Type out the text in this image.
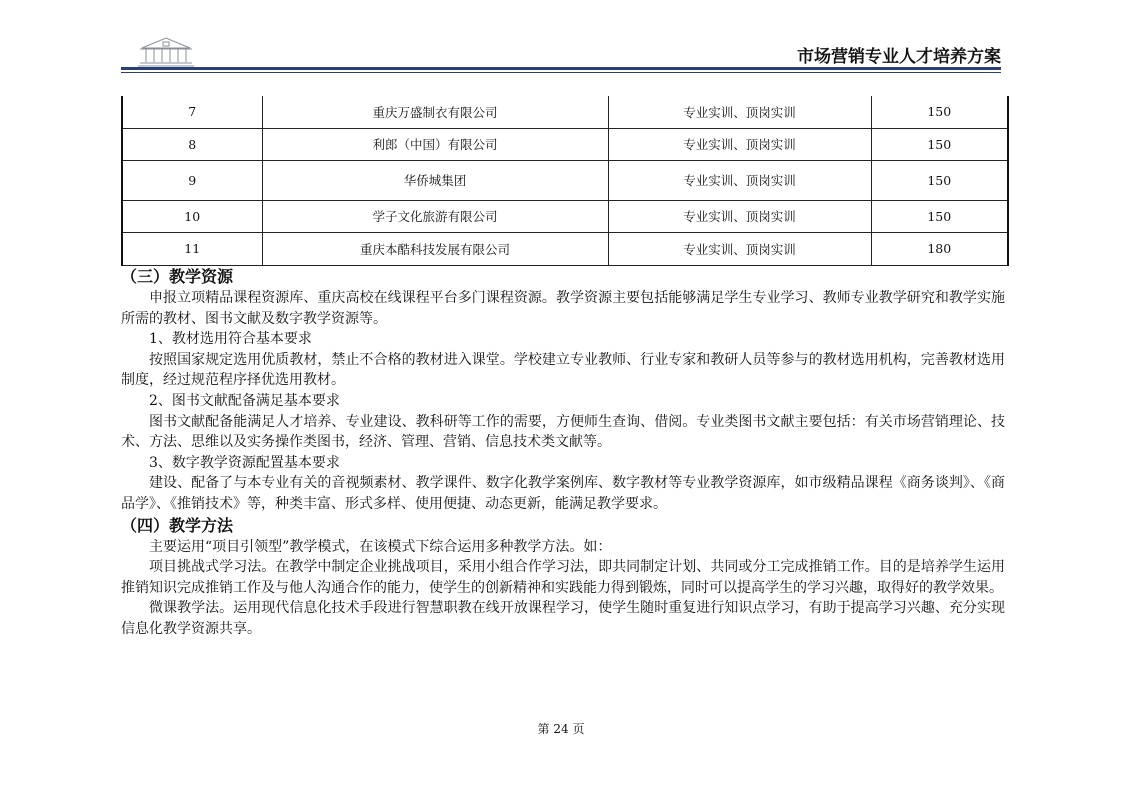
市场营销专业人才培养方案
7	重庆万盛制衣有限公司	专业实训、顶岗实训	150
8	利郎（中国）有限公司	专业实训、顶岗实训	150
9	华侨城集团	专业实训、顶岗实训	150
10	学子文化旅游有限公司	专业实训、顶岗实训	150
11	重庆本酷科技发展有限公司	专业实训、顶岗实训	180
（三）教学资源

申报立项精品课程资源库、重庆高校在线课程平台多门课程资源。教学资源主要包括能够满足学生专业学习、教师专业教学研究和教学实施所需的教材、图书文献及数字教学资源等。

1、教材选用符合基本要求

按照国家规定选用优质教材，禁止不合格的教材进入课堂。学校建立专业教师、行业专家和教研人员等参与的教材选用机构，完善教材选用制度，经过规范程序择优选用教材。

2、图书文献配备满足基本要求

图书文献配备能满足人才培养、专业建设、教科研等工作的需要，方便师生查询、借阅。专业类图书文献主要包括：有关市场营销理论、技术、方法、思维以及实务操作类图书，经济、管理、营销、信息技术类文献等。

3、数字教学资源配置基本要求

建设、配备了与本专业有关的音视频素材、教学课件、数字化教学案例库、数字教材等专业教学资源库，如市级精品课程《商务谈判》、《商品学》、《推销技术》等，种类丰富、形式多样、使用便捷、动态更新，能满足教学要求。

（四）教学方法

主要运用“项目引领型”教学模式，在该模式下综合运用多种教学方法。如：

项目挑战式学习法。在教学中制定企业挑战项目，采用小组合作学习法，即共同制定计划、共同或分工完成推销工作。目的是培养学生运用推销知识完成推销工作及与他人沟通合作的能力，使学生的创新精神和实践能力得到锻炼，同时可以提高学生的学习兴趣，取得好的教学效果。

微课教学法。运用现代信息化技术手段进行智慧职教在线开放课程学习，使学生随时重复进行知识点学习，有助于提高学习兴趣、充分实现信息化教学资源共享。

第 24 页
